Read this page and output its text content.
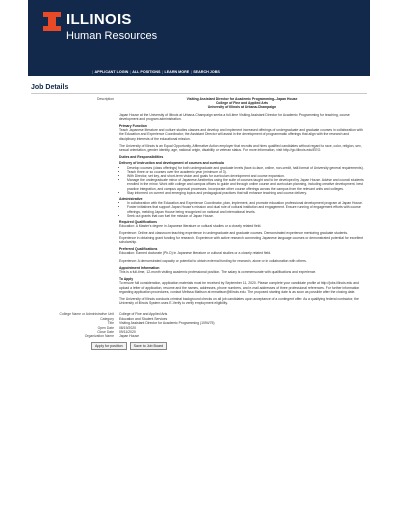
ILLINOIS
Human Resources
| APPLICANT LOGIN | ALL POSITIONS | LEARN MORE | SEARCH JOBS
Job Details
Description	Visiting Assistant Director for Academic Programming--Japan House
College of Fine and Applied Arts
University of Illinois at Urbana-Champaign
Japan House at the University of Illinois at Urbana-Champaign seeks a full-time Visiting Assistant Director for Academic Programming for teaching, course development and program administration.
Primary Function
Teach Japanese literature and culture studies classes and develop and implement increased offerings of undergraduate and graduate courses in collaboration with the Education and Experience Coordinator; the Assistant Director will assist in the development of programmatic offerings that align with the research and disciplinary interests of the educational mission.
The University of Illinois is an Equal Opportunity, Affirmative Action employer that recruits and hires qualified candidates without regard to race, color, religion, sex, sexual orientation, gender identity, age, national origin, disability or veteran status. For more information, visit http://go.illinois.edu/EEO.
Duties and Responsibilities
Delivery of instruction and development of courses and curricula
• Develop courses (class offerings) for both undergraduate and graduate levels (face-to-face, online, non-credit, half-format of University general requirements).
• Teach three or so courses over the academic year (minimum of 3).
• With Director, set key, and short-term vision and goals for curriculum development and course expansion.
• Manage the undergraduate minor of Japanese Aesthetics using the suite of courses taught and to be developed by Japan House. Advise and council students enrolled in the minor. Work with college and campus offices to guide and through online course and curriculum planning, including creative development, best practice integration, and campus approval processes. Incorporate other course offerings across the campus from the relevant units and colleges.
• Stay informed on current and emerging topics and pedagogical practices that will enhance teaching and course delivery.
Administrative
• In collaboration with the Education and Experience Coordinator, plan, implement, and promote education professional development program at Japan House.
• Foster initiatives that support Japan House's mission and dual role of cultural institution and engagement. Ensure running of engagement efforts with course offerings, melding Japan House being recognized on national and international levels.
• Seek out grants that can fuel the mission of Japan House.
Required Qualifications
Education: A Master's degree in Japanese literature or cultural studies or a closely related field.
Experience: Online and classroom teaching experience in undergraduate and graduate courses. Demonstrated experience mentoring graduate students. Experience in obtaining grant funding for research. Experience with active research connecting Japanese language courses or demonstrated potential for excellent scholarship.
Preferred Qualifications
Education: Earned doctorate (Ph.D) in Japanese literature or cultural studies or a closely related field.
Experience: A demonstrated capacity or potential to obtain external funding for research, alone or in collaboration with others.
Appointment Information
This is a full-time, 12-month visiting academic professional position. The salary is commensurate with qualifications and experience.
To Apply
To ensure full consideration, application materials must be received by September 11, 2020. Please complete your candidate profile at http://jobs.illinois.edu and upload a letter of application, resume and the names, addresses, phone numbers, and e-mail addresses of three professional references. For further information regarding application procedures, contact Melissa Mattson at mmattson@illinois.edu. The proposed starting date is as soon as possible after the closing date.
The University of Illinois conducts criminal background checks on all job candidates upon acceptance of a contingent offer. As a qualifying federal contractor, the University of Illinois System uses E-Verify to verify employment eligibility.
College Name or Administrative Unit	College of Fine and Applied Arts
Category	Education and Student Services
Title	Visiting Assistant Director for Academic Programming (1094/75)
Open Date	08/19/2020
Close Date	09/11/2020
Organization Name	Japan House
Apply for position	Save to Job Board
